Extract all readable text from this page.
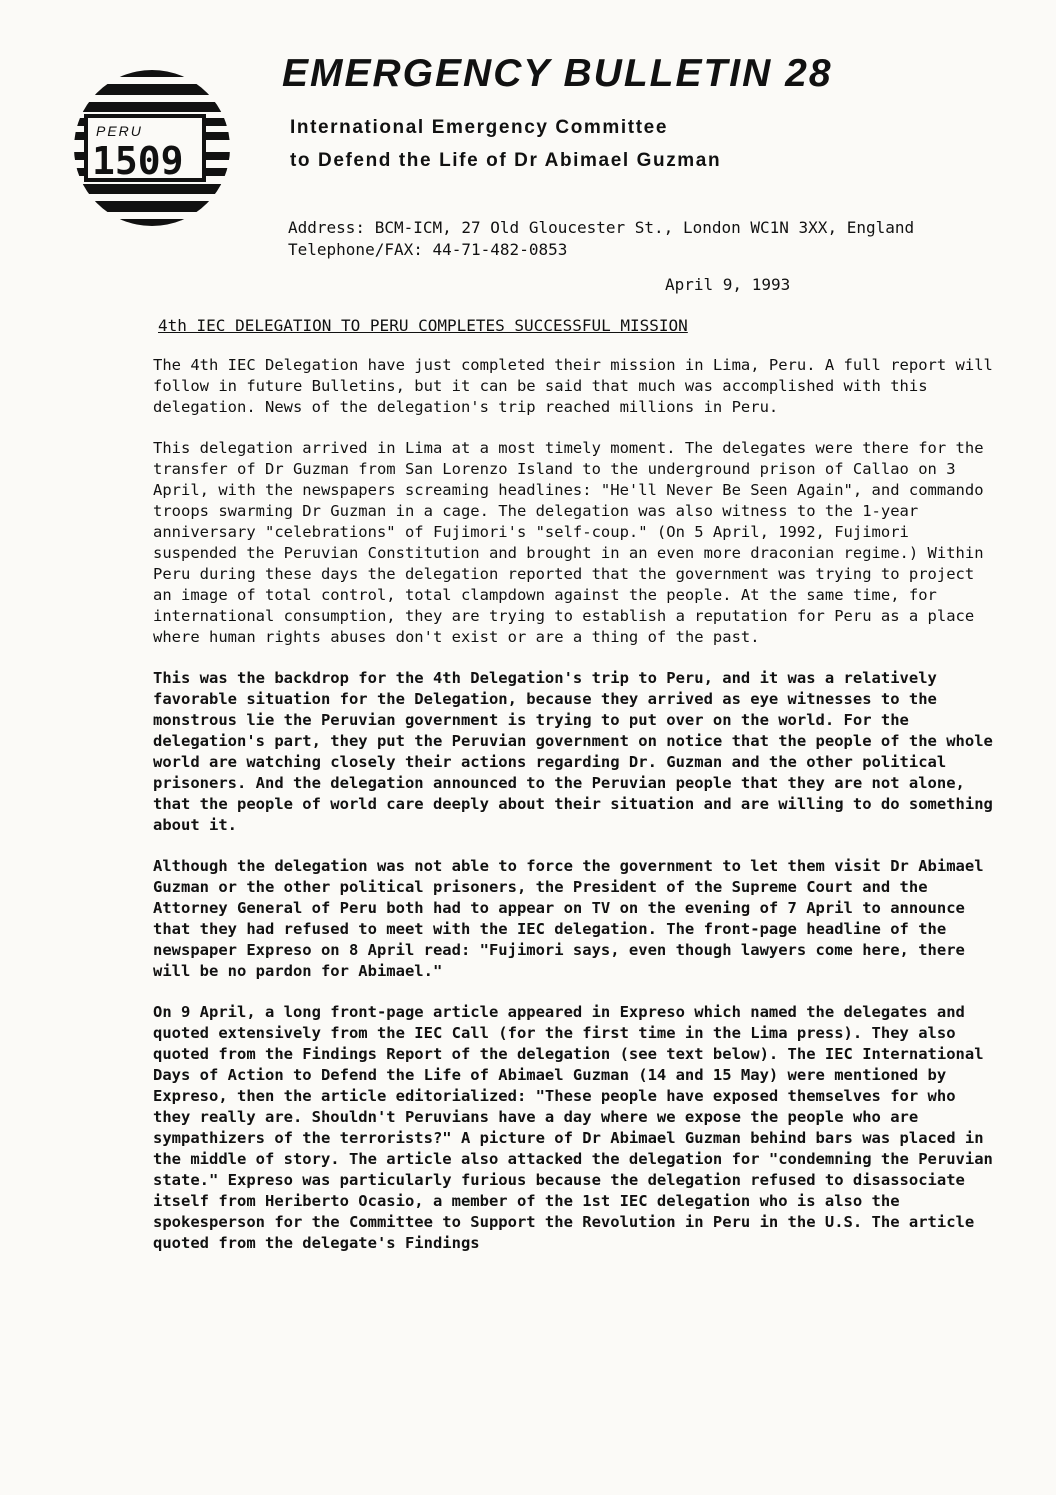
PERU
1509
EMERGENCY BULLETIN 28

International Emergency Committee

to Defend the Life of Dr Abimael Guzman

Address: BCM-ICM, 27 Old Gloucester St., London WC1N 3XX, England

Telephone/FAX: 44-71-482-0853

April 9, 1993

4th IEC DELEGATION TO PERU COMPLETES SUCCESSFUL MISSION

The 4th IEC Delegation have just completed their mission in Lima, Peru. A full report will follow in future Bulletins, but it can be said that much was accomplished with this delegation. News of the delegation's trip reached millions in Peru.

This delegation arrived in Lima at a most timely moment. The delegates were there for the transfer of Dr Guzman from San Lorenzo Island to the underground prison of Callao on 3 April, with the newspapers screaming headlines: "He'll Never Be Seen Again", and commando troops swarming Dr Guzman in a cage. The delegation was also witness to the 1-year anniversary "celebrations" of Fujimori's "self-coup." (On 5 April, 1992, Fujimori suspended the Peruvian Constitution and brought in an even more draconian regime.) Within Peru during these days the delegation reported that the government was trying to project an image of total control, total clampdown against the people. At the same time, for international consumption, they are trying to establish a reputation for Peru as a place where human rights abuses don't exist or are a thing of the past.

This was the backdrop for the 4th Delegation's trip to Peru, and it was a relatively favorable situation for the Delegation, because they arrived as eye witnesses to the monstrous lie the Peruvian government is trying to put over on the world. For the delegation's part, they put the Peruvian government on notice that the people of the whole world are watching closely their actions regarding Dr. Guzman and the other political prisoners. And the delegation announced to the Peruvian people that they are not alone, that the people of world care deeply about their situation and are willing to do something about it.

Although the delegation was not able to force the government to let them visit Dr Abimael Guzman or the other political prisoners, the President of the Supreme Court and the Attorney General of Peru both had to appear on TV on the evening of 7 April to announce that they had refused to meet with the IEC delegation. The front-page headline of the newspaper Expreso on 8 April read: "Fujimori says, even though lawyers come here, there will be no pardon for Abimael."

On 9 April, a long front-page article appeared in Expreso which named the delegates and quoted extensively from the IEC Call (for the first time in the Lima press). They also quoted from the Findings Report of the delegation (see text below). The IEC International Days of Action to Defend the Life of Abimael Guzman (14 and 15 May) were mentioned by Expreso, then the article editorialized: "These people have exposed themselves for who they really are. Shouldn't Peruvians have a day where we expose the people who are sympathizers of the terrorists?" A picture of Dr Abimael Guzman behind bars was placed in the middle of story. The article also attacked the delegation for "condemning the Peruvian state." Expreso was particularly furious because the delegation refused to disassociate itself from Heriberto Ocasio, a member of the 1st IEC delegation who is also the spokesperson for the Committee to Support the Revolution in Peru in the U.S. The article quoted from the delegate's Findings
